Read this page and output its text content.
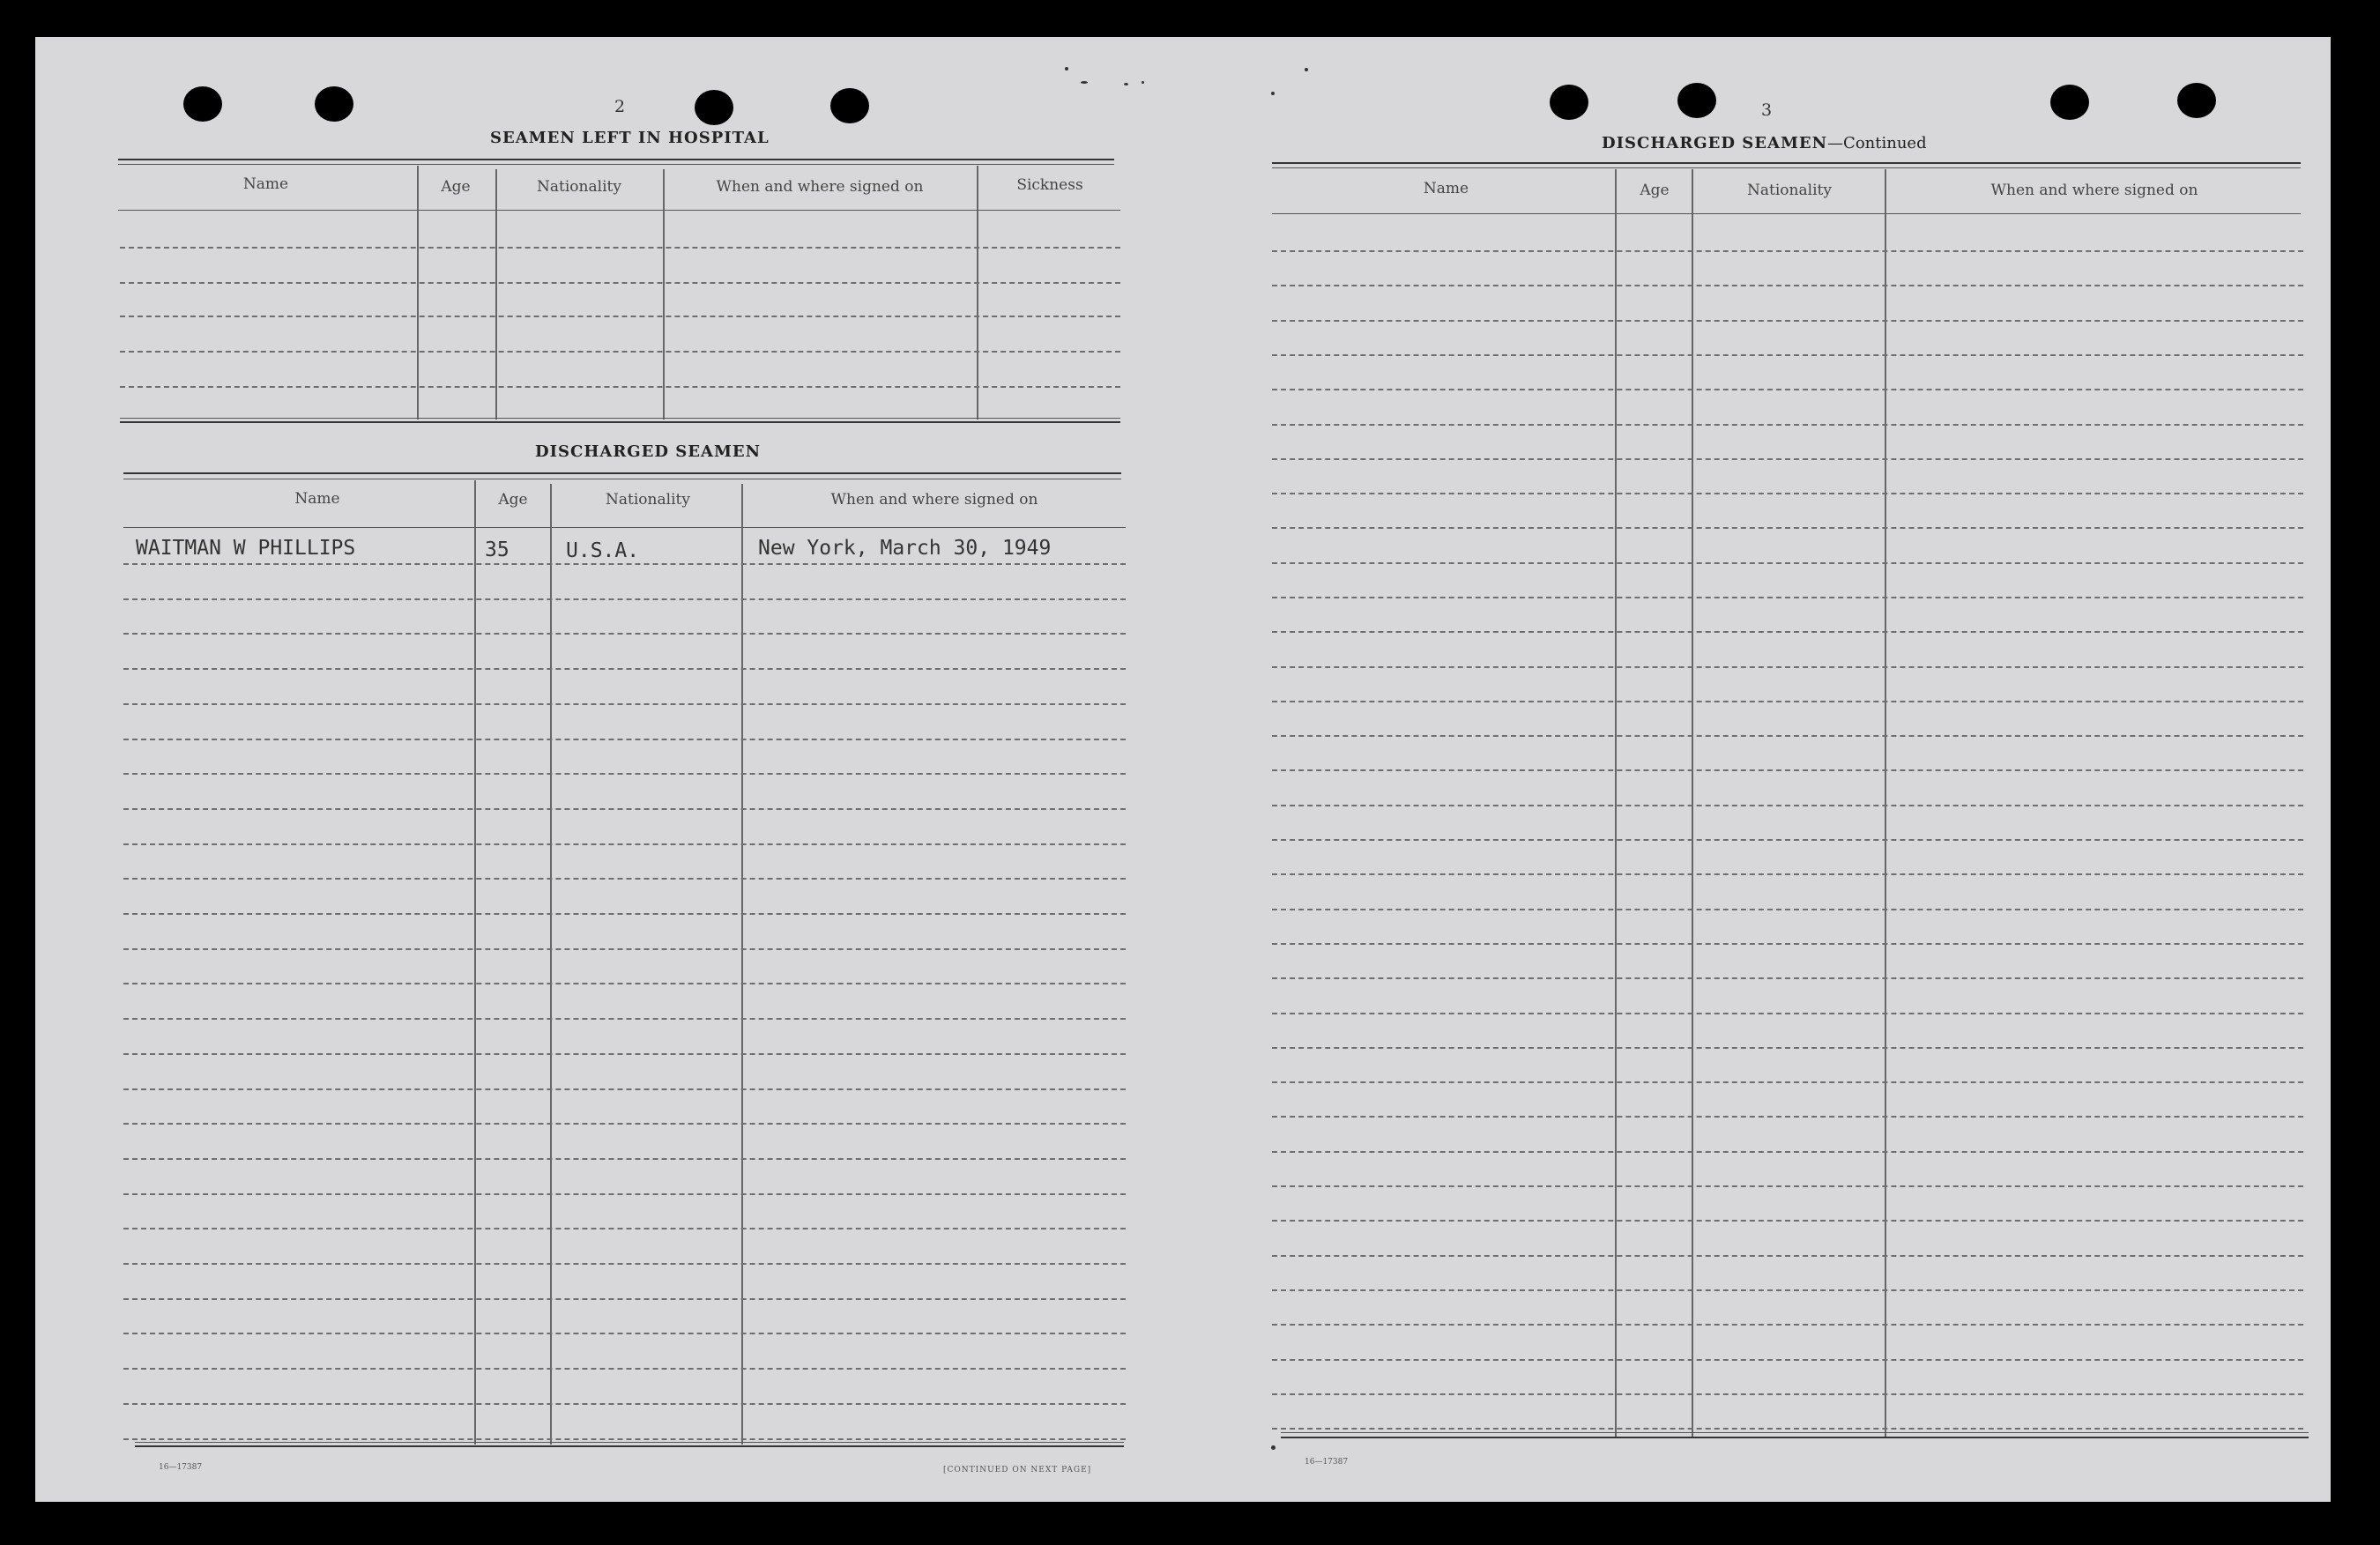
2
SEAMEN LEFT IN HOSPITAL
Name	Age	Nationality	When and where signed on	Sickness
DISCHARGED SEAMEN
Name	Age	Nationality	When and where signed on
WAITMAN W PHILLIPS	35	U.S.A.	New York, March 30, 1949
16—17387	[CONTINUED ON NEXT PAGE]
3
DISCHARGED SEAMEN—Continued
Name	Age	Nationality	When and where signed on
16—17387
